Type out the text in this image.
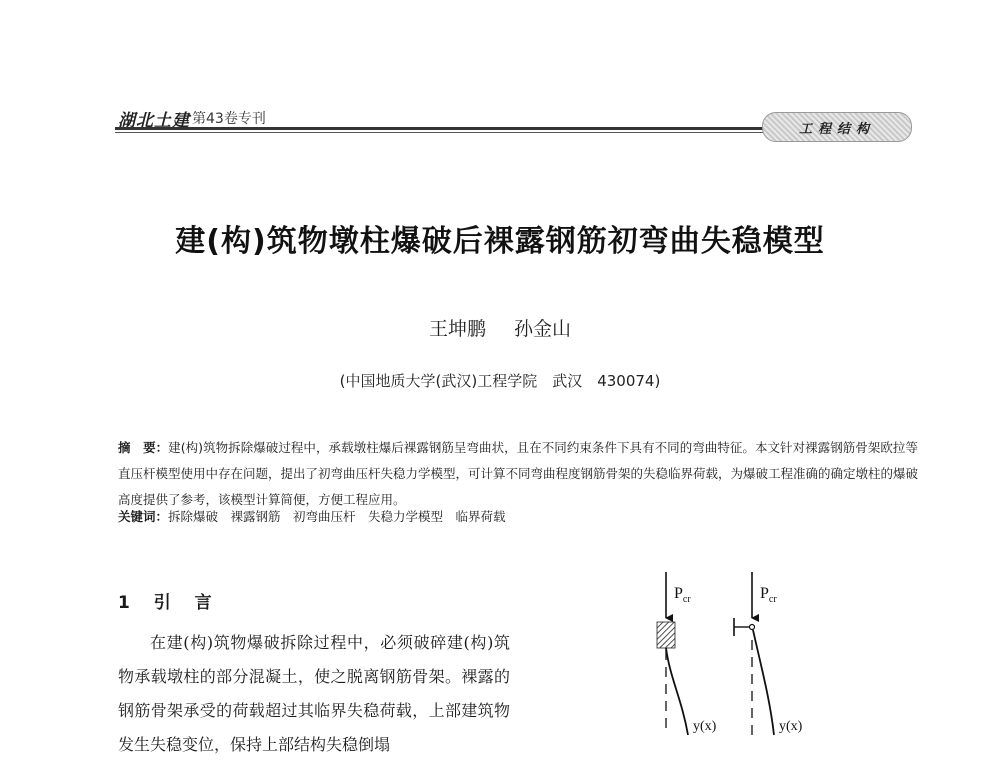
湖北土建 第43卷专刊
工程结构
建(构)筑物墩柱爆破后裸露钢筋初弯曲失稳模型
王坤鹏 孙金山
(中国地质大学(武汉)工程学院　武汉　430074)
摘　要：建(构)筑物拆除爆破过程中，承载墩柱爆后裸露钢筋呈弯曲状，且在不同约束条件下具有不同的弯曲特征。本文针对裸露钢筋骨架欧拉等直压杆模型使用中存在问题，提出了初弯曲压杆失稳力学模型，可计算不同弯曲程度钢筋骨架的失稳临界荷载，为爆破工程准确的确定墩柱的爆破高度提供了参考，该模型计算简便，方便工程应用。
关键词：拆除爆破　裸露钢筋　初弯曲压杆　失稳力学模型　临界荷载
1 引 言
在建(构)筑物爆破拆除过程中，必须破碎建(构)筑物承载墩柱的部分混凝土，使之脱离钢筋骨架。裸露的钢筋骨架承受的荷载超过其临界失稳荷载，上部建筑物发生失稳变位，保持上部结构失稳倒塌
$P_{cr}$
y(x)
$P_{cr}$
y(x)
